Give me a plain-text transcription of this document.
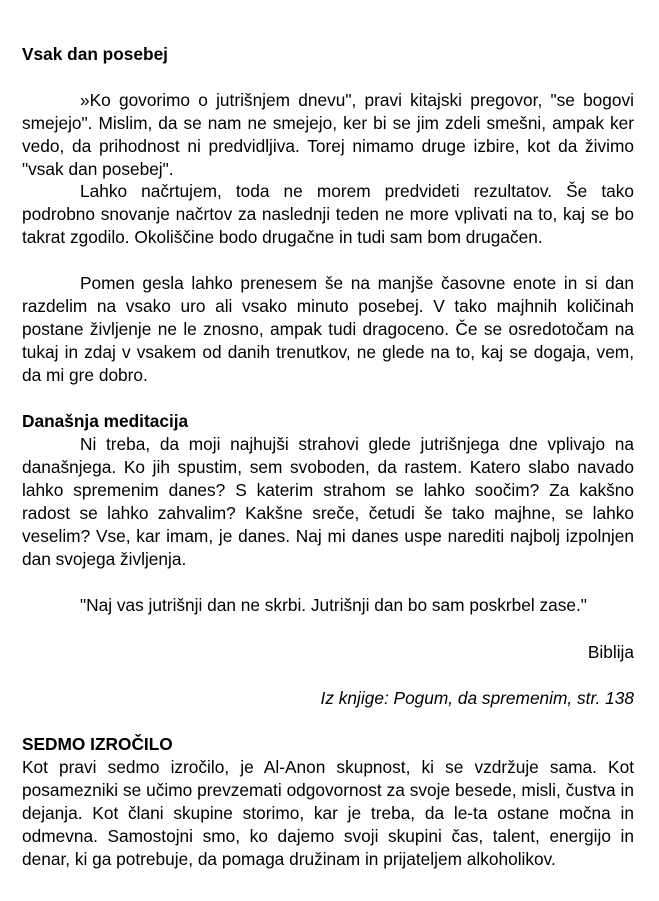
Vsak dan posebej

»Ko govorimo o jutrišnjem dnevu", pravi kitajski pregovor, "se bogovi smejejo". Mislim, da se nam ne smejejo, ker bi se jim zdeli smešni, ampak ker vedo, da prihodnost ni predvidljiva. Torej nimamo druge izbire, kot da živimo "vsak dan posebej".

Lahko načrtujem, toda ne morem predvideti rezultatov. Še tako podrobno snovanje načrtov za naslednji teden ne more vplivati na to, kaj se bo takrat zgodilo. Okoliščine bodo drugačne in tudi sam bom drugačen.

Pomen gesla lahko prenesem še na manjše časovne enote in si dan razdelim na vsako uro ali vsako minuto posebej. V tako majhnih količinah postane življenje ne le znosno, ampak tudi dragoceno. Če se osredotočam na tukaj in zdaj v vsakem od danih trenutkov, ne glede na to, kaj se dogaja, vem, da mi gre dobro.

Današnja meditacija

Ni treba, da moji najhujši strahovi glede jutrišnjega dne vplivajo na današnjega. Ko jih spustim, sem svoboden, da rastem. Katero slabo navado lahko spremenim danes? S katerim strahom se lahko soočim? Za kakšno radost se lahko zahvalim? Kakšne sreče, četudi še tako majhne, se lahko veselim? Vse, kar imam, je danes. Naj mi danes uspe narediti najbolj izpolnjen dan svojega življenja.

"Naj vas jutrišnji dan ne skrbi. Jutrišnji dan bo sam poskrbel zase."

Biblija

Iz knjige: Pogum, da spremenim, str. 138

SEDMO IZROČILO

Kot pravi sedmo izročilo, je Al-Anon skupnost, ki se vzdržuje sama. Kot posamezniki se učimo prevzemati odgovornost za svoje besede, misli, čustva in dejanja. Kot člani skupine storimo, kar je treba, da le-ta ostane močna in odmevna. Samostojni smo, ko dajemo svoji skupini čas, talent, energijo in denar, ki ga potrebuje, da pomaga družinam in prijateljem alkoholikov.
